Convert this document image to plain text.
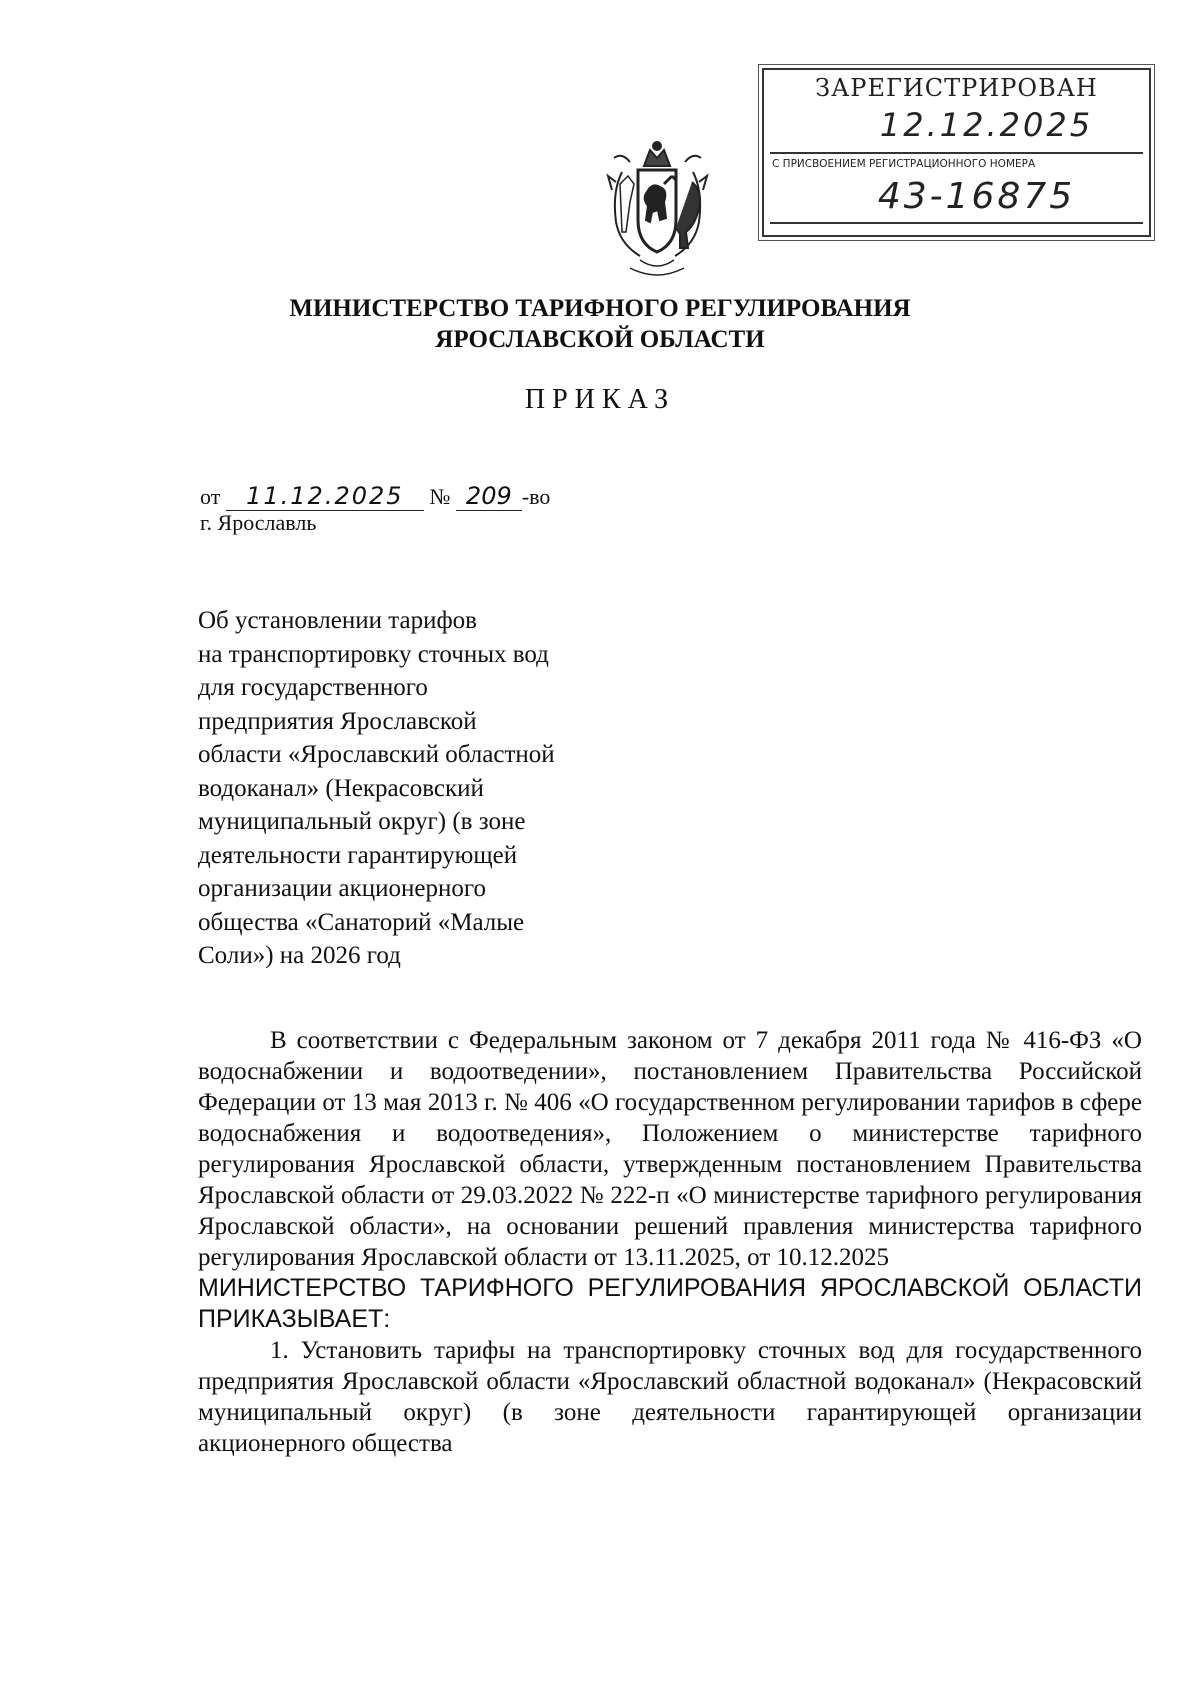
ЗАРЕГИСТРИРОВАН
12.12.2025
С ПРИСВОЕНИЕМ РЕГИСТРАЦИОННОГО НОМЕРА
43-16875
МИНИСТЕРСТВО ТАРИФНОГО РЕГУЛИРОВАНИЯ
ЯРОСЛАВСКОЙ ОБЛАСТИ
ПРИКАЗ
от 11.12.2025 № 209 -во
г. Ярославль
Об установлении тарифов
на транспортировку сточных вод
для государственного
предприятия Ярославской
области «Ярославский областной
водоканал» (Некрасовский
муниципальный округ) (в зоне
деятельности гарантирующей
организации акционерного
общества «Санаторий «Малые
Соли») на 2026 год
В соответствии с Федеральным законом от 7 декабря 2011 года № 416-ФЗ «О водоснабжении и водоотведении», постановлением Правительства Российской Федерации от 13 мая 2013 г. № 406 «О государственном регулировании тарифов в сфере водоснабжения и водоотведения», Положением о министерстве тарифного регулирования Ярославской области, утвержденным постановлением Правительства Ярославской области от 29.03.2022 № 222-п «О министерстве тарифного регулирования Ярославской области», на основании решений правления министерства тарифного регулирования Ярославской области от 13.11.2025, от 10.12.2025
МИНИСТЕРСТВО ТАРИФНОГО РЕГУЛИРОВАНИЯ ЯРОСЛАВСКОЙ ОБЛАСТИ ПРИКАЗЫВАЕТ:
1. Установить тарифы на транспортировку сточных вод для государственного предприятия Ярославской области «Ярославский областной водоканал» (Некрасовский муниципальный округ) (в зоне деятельности гарантирующей организации акционерного общества
